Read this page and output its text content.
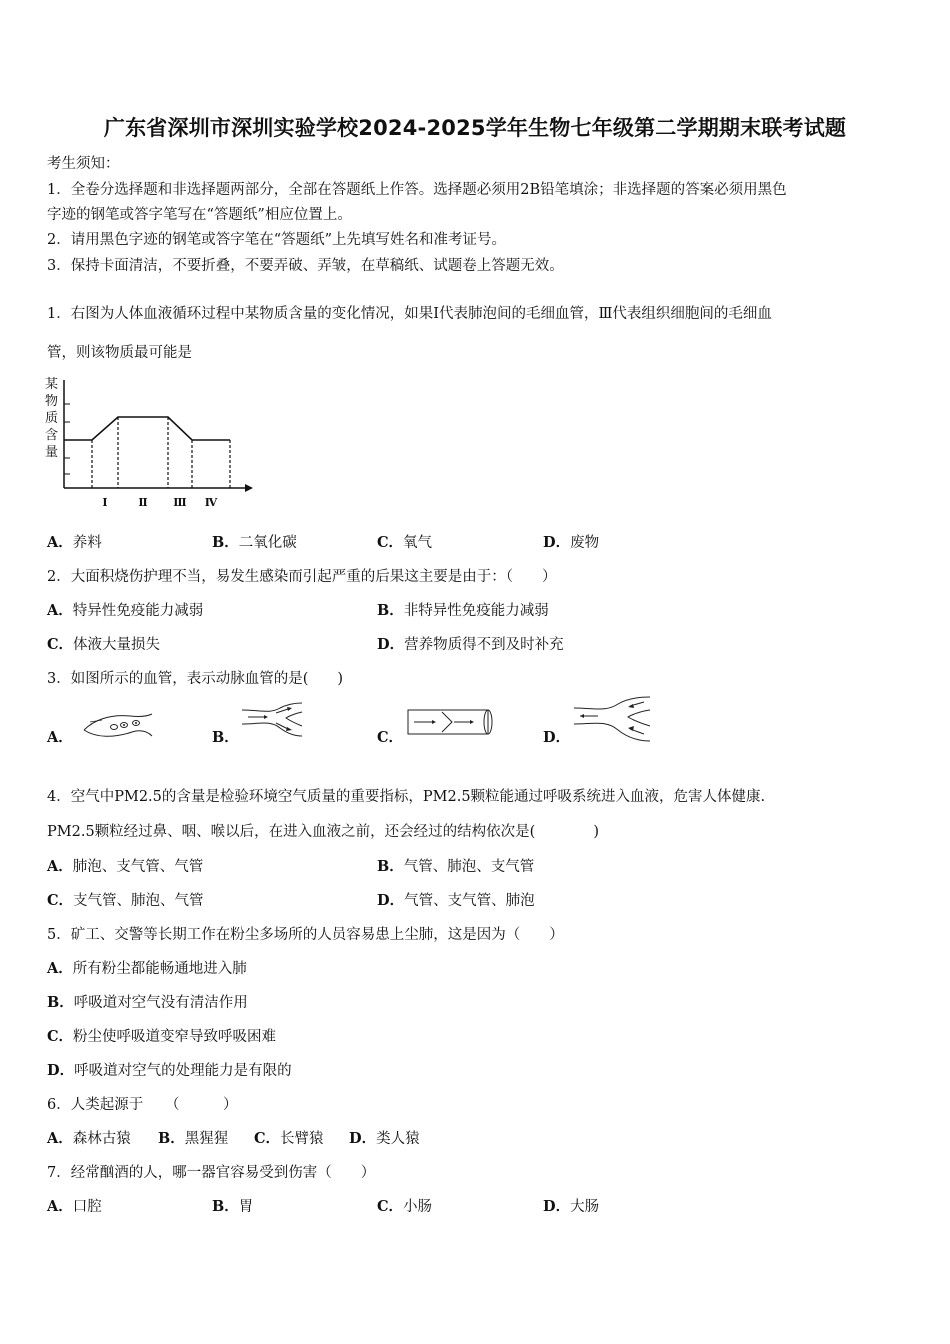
广东省深圳市深圳实验学校2024-2025学年生物七年级第二学期期末联考试题
考生须知：
1．全卷分选择题和非选择题两部分，全部在答题纸上作答。选择题必须用2B铅笔填涂；非选择题的答案必须用黑色
字迹的钢笔或答字笔写在“答题纸”相应位置上。
2．请用黑色字迹的钢笔或答字笔在“答题纸”上先填写姓名和准考证号。
3．保持卡面清洁，不要折叠，不要弄破、弄皱，在草稿纸、试题卷上答题无效。
1．右图为人体血液循环过程中某物质含量的变化情况，如果Ⅰ代表肺泡间的毛细血管，Ⅲ代表组织细胞间的毛细血
管，则该物质最可能是
某
物
质
含
量
Ⅰ	Ⅱ Ⅲ Ⅳ
A．养料	B．二氧化碳	C．氧气	D．废物
2．大面积烧伤护理不当，易发生感染而引起严重的后果这主要是由于：（　　）
A．特异性免疫能力减弱	B．非特异性免疫能力减弱
C．体液大量损失	D．营养物质得不到及时补充
3．如图所示的血管，表示动脉血管的是(　　)
A．	B．	C．	D．
4．空气中PM2.5的含量是检验环境空气质量的重要指标，PM2.5颗粒能通过呼吸系统进入血液，危害人体健康.
PM2.5颗粒经过鼻、咽、喉以后，在进入血液之前，还会经过的结构依次是(　　　　)
A．肺泡、支气管、气管	B．气管、肺泡、支气管
C．支气管、肺泡、气管	D．气管、支气管、肺泡
5．矿工、交警等长期工作在粉尘多场所的人员容易患上尘肺，这是因为（　　）
A．所有粉尘都能畅通地进入肺
B．呼吸道对空气没有清洁作用
C．粉尘使呼吸道变窄导致呼吸困难
D．呼吸道对空气的处理能力是有限的
6．人类起源于　　（　　　）
A．森林古猿 B．黑猩猩 C．长臂猿 D．类人猿
7．经常酗酒的人，哪一器官容易受到伤害（　　）
A．口腔	B．胃	C．小肠	D．大肠
